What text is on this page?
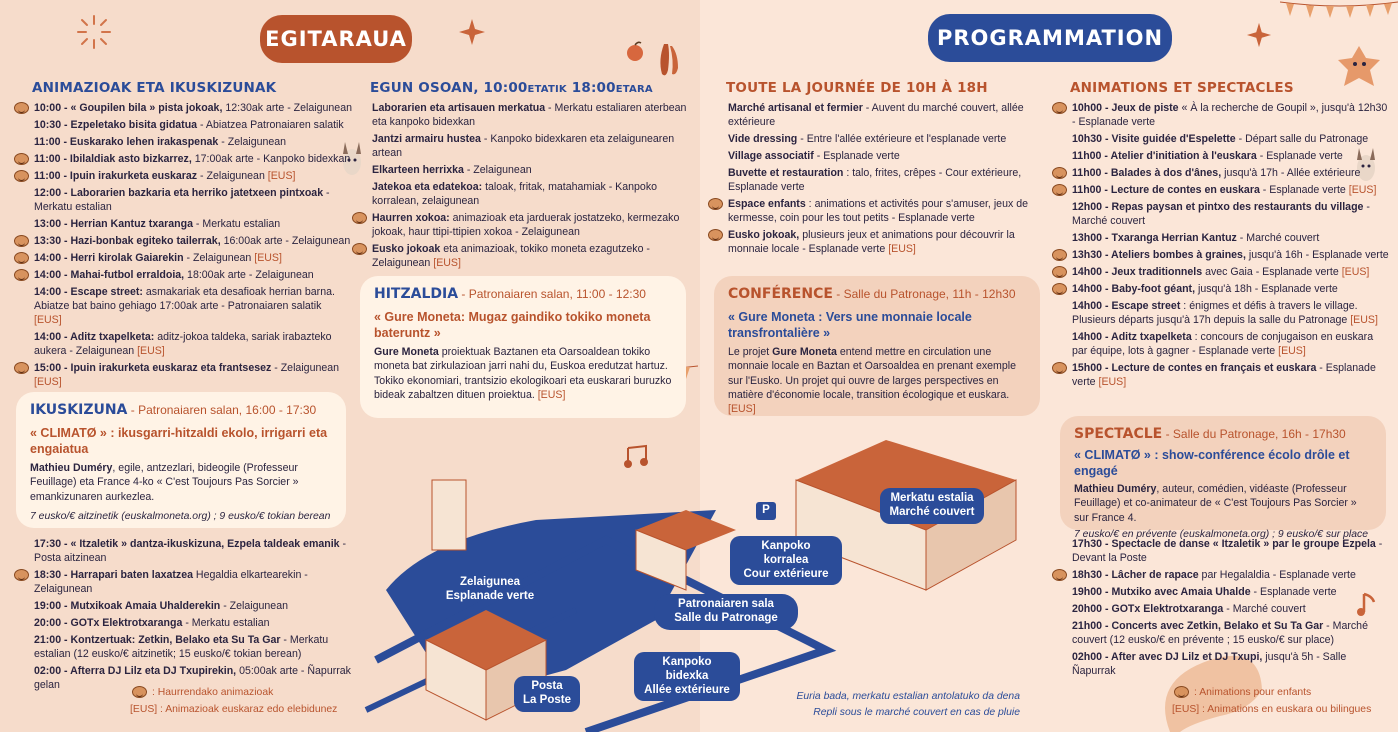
EGITARAUA	PROGRAMMATION
ANIMAZIOAK ETA IKUSKIZUNAK
10:00 - « Goupilen bila » pista jokoak, 12:30ak arte - Zelaigunean
10:30 - Ezpeletako bisita gidatua - Abiatzea Patronaiaren salatik
11:00 - Euskarako lehen irakaspenak - Zelaigunean
11:00 - Ibilaldiak asto bizkarrez, 17:00ak arte - Kanpoko bidexkan
11:00 - Ipuin irakurketa euskaraz - Zelaigunean [EUS]
12:00 - Laborarien bazkaria eta herriko jatetxeen pintxoak - Merkatu estalian
13:00 - Herrian Kantuz txaranga - Merkatu estalian
13:30 - Hazi-bonbak egiteko tailerrak, 16:00ak arte - Zelaigunean
14:00 - Herri kirolak Gaiarekin - Zelaigunean [EUS]
14:00 - Mahai-futbol erraldoia, 18:00ak arte - Zelaigunean
14:00 - Escape street: asmakariak eta desafioak herrian barna. Abiatze bat baino gehiago 17:00ak arte - Patronaiaren salatik [EUS]
14:00 - Aditz txapelketa: aditz-jokoa taldeka, sariak irabazteko aukera - Zelaigunean [EUS]
15:00 - Ipuin irakurketa euskaraz eta frantsesez - Zelaigunean [EUS]
EGUN OSOAN, 10:00ETATIK 18:00ETARA
Laborarien eta artisauen merkatua - Merkatu estaliaren aterbean eta kanpoko bidexkan
Jantzi armairu hustea - Kanpoko bidexkaren eta zelaigunearen artean
Elkarteen herrixka - Zelaigunean
Jatekoa eta edatekoa: taloak, fritak, matahamiak - Kanpoko korralean, zelaigunean
Haurren xokoa: animazioak eta jarduerak jostatzeko, kermezako jokoak, haur ttipi-ttipien xokoa - Zelaigunean
Eusko jokoak eta animazioak, tokiko moneta ezagutzeko - Zelaigunean [EUS]
HITZALDIA - Patronaiaren salan, 11:00 - 12:30
« Gure Moneta: Mugaz gaindiko tokiko moneta bateruntz »

Gure Moneta proiektuak Baztanen eta Oarsoaldean tokiko moneta bat zirkulazioan jarri nahi du, Euskoa eredutzat hartuz. Tokiko ekonomiari, trantsizio ekologikoari eta euskarari buruzko bideak zabaltzen dituen proiektua. [EUS]

IKUSKIZUNA - Patronaiaren salan, 16:00 - 17:30
« CLIMATØ » : ikusgarri-hitzaldi ekolo, irrigarri eta engaiatua

Mathieu Duméry, egile, antzezlari, bideogile (Professeur Feuillage) eta France 4-ko « C'est Toujours Pas Sorcier » emankizunaren aurkezlea.

7 eusko/€ aitzinetik (euskalmoneta.org) ; 9 eusko/€ tokian berean
17:30 - « Itzaletik » dantza-ikuskizuna, Ezpela taldeak emanik - Posta aitzinean
18:30 - Harrapari baten laxatzea Hegaldia elkartearekin - Zelaigunean
19:00 - Mutxikoak Amaia Uhalderekin - Zelaigunean
20:00 - GOTx Elektrotxaranga - Merkatu estalian
21:00 - Kontzertuak: Zetkin, Belako eta Su Ta Gar - Merkatu estalian (12 eusko/€ aitzinetik; 15 eusko/€ tokian berean)
02:00 - Afterra DJ Lilz eta DJ Txupirekin, 05:00ak arte - Ñapurrak gelan
: Haurrendako animazioak
[EUS] : Animazioak euskaraz edo elebidunez
TOUTE LA JOURNÉE DE 10H À 18H
Marché artisanal et fermier - Auvent du marché couvert, allée extérieure
Vide dressing - Entre l'allée extérieure et l'esplanade verte
Village associatif - Esplanade verte
Buvette et restauration : talo, frites, crêpes - Cour extérieure, Esplanade verte
Espace enfants : animations et activités pour s'amuser, jeux de kermesse, coin pour les tout petits - Esplanade verte
Eusko jokoak, plusieurs jeux et animations pour découvrir la monnaie locale - Esplanade verte [EUS]
CONFÉRENCE - Salle du Patronage, 11h - 12h30
« Gure Moneta : Vers une monnaie locale transfrontalière »

Le projet Gure Moneta entend mettre en circulation une monnaie locale en Baztan et Oarsoaldea en prenant exemple sur l'Eusko. Un projet qui ouvre de larges perspectives en matière d'économie locale, transition écologique et euskara. [EUS]

ANIMATIONS ET SPECTACLES
10h00 - Jeux de piste « À la recherche de Goupil », jusqu'à 12h30 - Esplanade verte
10h30 - Visite guidée d'Espelette - Départ salle du Patronage
11h00 - Atelier d'initiation à l'euskara - Esplanade verte
11h00 - Balades à dos d'ânes, jusqu'à 17h - Allée extérieure
11h00 - Lecture de contes en euskara - Esplanade verte [EUS]
12h00 - Repas paysan et pintxo des restaurants du village - Marché couvert
13h00 - Txaranga Herrian Kantuz - Marché couvert
13h30 - Ateliers bombes à graines, jusqu'à 16h - Esplanade verte
14h00 - Jeux traditionnels avec Gaia - Esplanade verte [EUS]
14h00 - Baby-foot géant, jusqu'à 18h - Esplanade verte
14h00 - Escape street : énigmes et défis à travers le village. Plusieurs départs jusqu'à 17h depuis la salle du Patronage [EUS]
14h00 - Aditz txapelketa : concours de conjugaison en euskara par équipe, lots à gagner - Esplanade verte [EUS]
15h00 - Lecture de contes en français et euskara - Esplanade verte [EUS]
SPECTACLE - Salle du Patronage, 16h - 17h30
« CLIMATØ » : show-conférence écolo drôle et engagé

Mathieu Duméry, auteur, comédien, vidéaste (Professeur Feuillage) et co-animateur de « C'est Toujours Pas Sorcier » sur France 4.

7 eusko/€ en prévente (euskalmoneta.org) ; 9 eusko/€ sur place
17h30 - Spectacle de danse « Itzaletik » par le groupe Ezpela - Devant la Poste
18h30 - Lâcher de rapace par Hegalaldia - Esplanade verte
19h00 - Mutxiko avec Amaia Uhalde - Esplanade verte
20h00 - GOTx Elektrotxaranga - Marché couvert
21h00 - Concerts avec Zetkin, Belako et Su Ta Gar - Marché couvert (12 eusko/€ en prévente ; 15 eusko/€ sur place)
02h00 - After avec DJ Lilz et DJ Txupi, jusqu'à 5h - Salle Ñapurrak
: Animations pour enfants
[EUS] : Animations en euskara ou bilingues
Zelaigunea
Esplanade verte
Merkatu estalia
Marché couvert
Kanpoko korralea
Cour extérieure
Patronaiaren sala
Salle du Patronage
Kanpoko bidexka
Allée extérieure
Posta
La Poste
P
Euria bada, merkatu estalian antolatuko da dena
Repli sous le marché couvert en cas de pluie
